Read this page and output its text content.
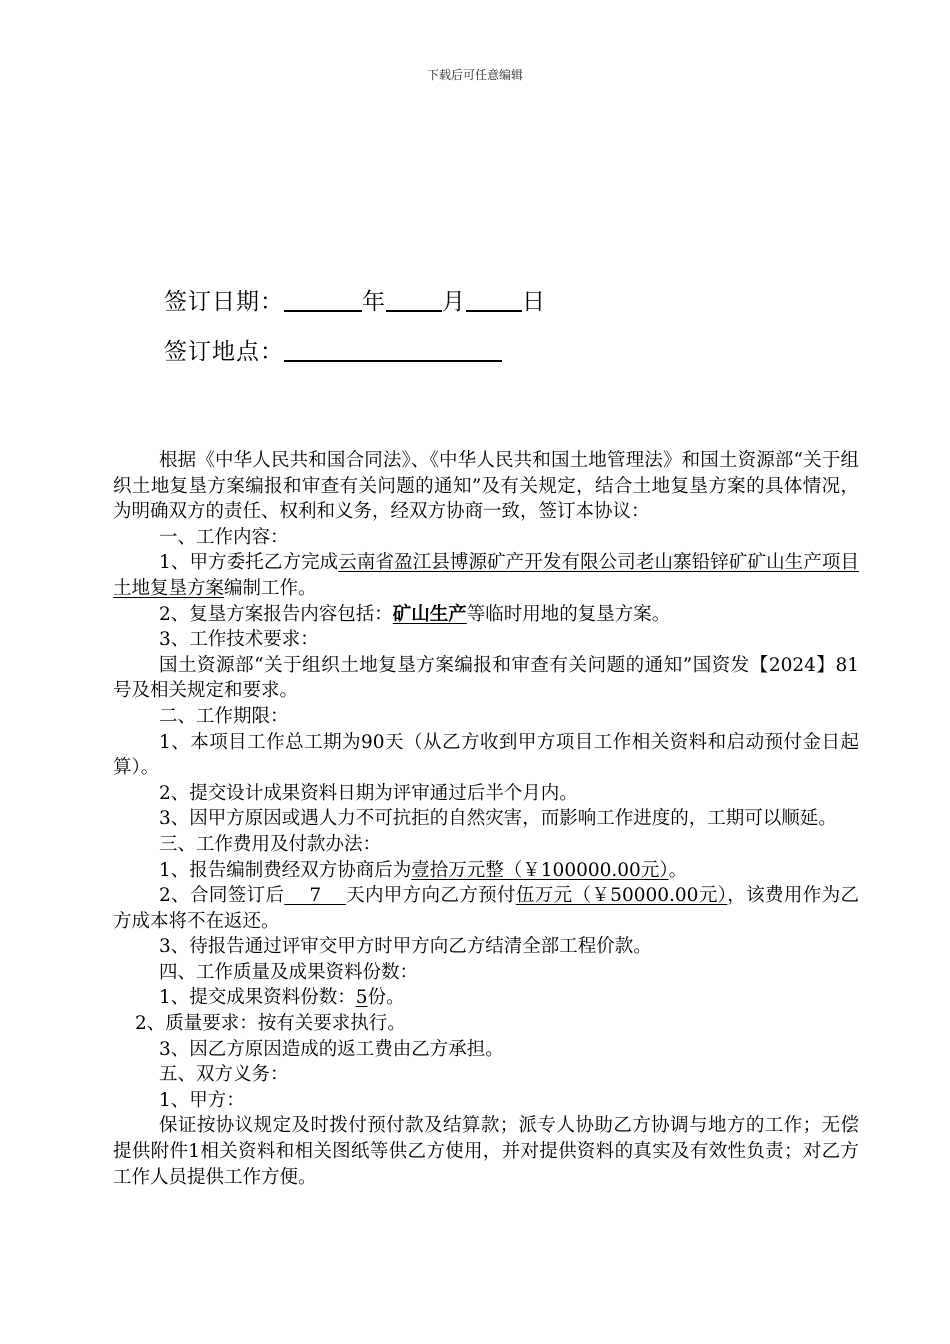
下载后可任意编辑
签订日期：	年 月 日
签订地点：

根据《中华人民共和国合同法》、《中华人民共和国土地管理法》和国土资源部“关于组织土地复垦方案编报和审查有关问题的通知”及有关规定，结合土地复垦方案的具体情况，为明确双方的责任、权利和义务，经双方协商一致，签订本协议：

一、工作内容：

1、甲方委托乙方完成云南省盈江县博源矿产开发有限公司老山寨铅锌矿矿山生产项目土地复垦方案编制工作。

2、复垦方案报告内容包括：矿山生产等临时用地的复垦方案。

3、工作技术要求：

国土资源部“关于组织土地复垦方案编报和审查有关问题的通知”国资发【2024】81号及相关规定和要求。

二、工作期限：

1、本项目工作总工期为90天（从乙方收到甲方项目工作相关资料和启动预付金日起算）。

2、提交设计成果资料日期为评审通过后半个月内。

3、因甲方原因或遇人力不可抗拒的自然灾害，而影响工作进度的，工期可以顺延。

三、工作费用及付款办法：

1、报告编制费经双方协商后为壹拾万元整（￥100000.00元）。

2、合同签订后 7 天内甲方向乙方预付伍万元（￥50000.00元），该费用作为乙方成本将不在返还。

3、待报告通过评审交甲方时甲方向乙方结清全部工程价款。

四、工作质量及成果资料份数：

1、提交成果资料份数：5份。

2、质量要求：按有关要求执行。

3、因乙方原因造成的返工费由乙方承担。

五、双方义务：

1、甲方：

保证按协议规定及时拨付预付款及结算款；派专人协助乙方协调与地方的工作；无偿提供附件1相关资料和相关图纸等供乙方使用，并对提供资料的真实及有效性负责；对乙方工作人员提供工作方便。
